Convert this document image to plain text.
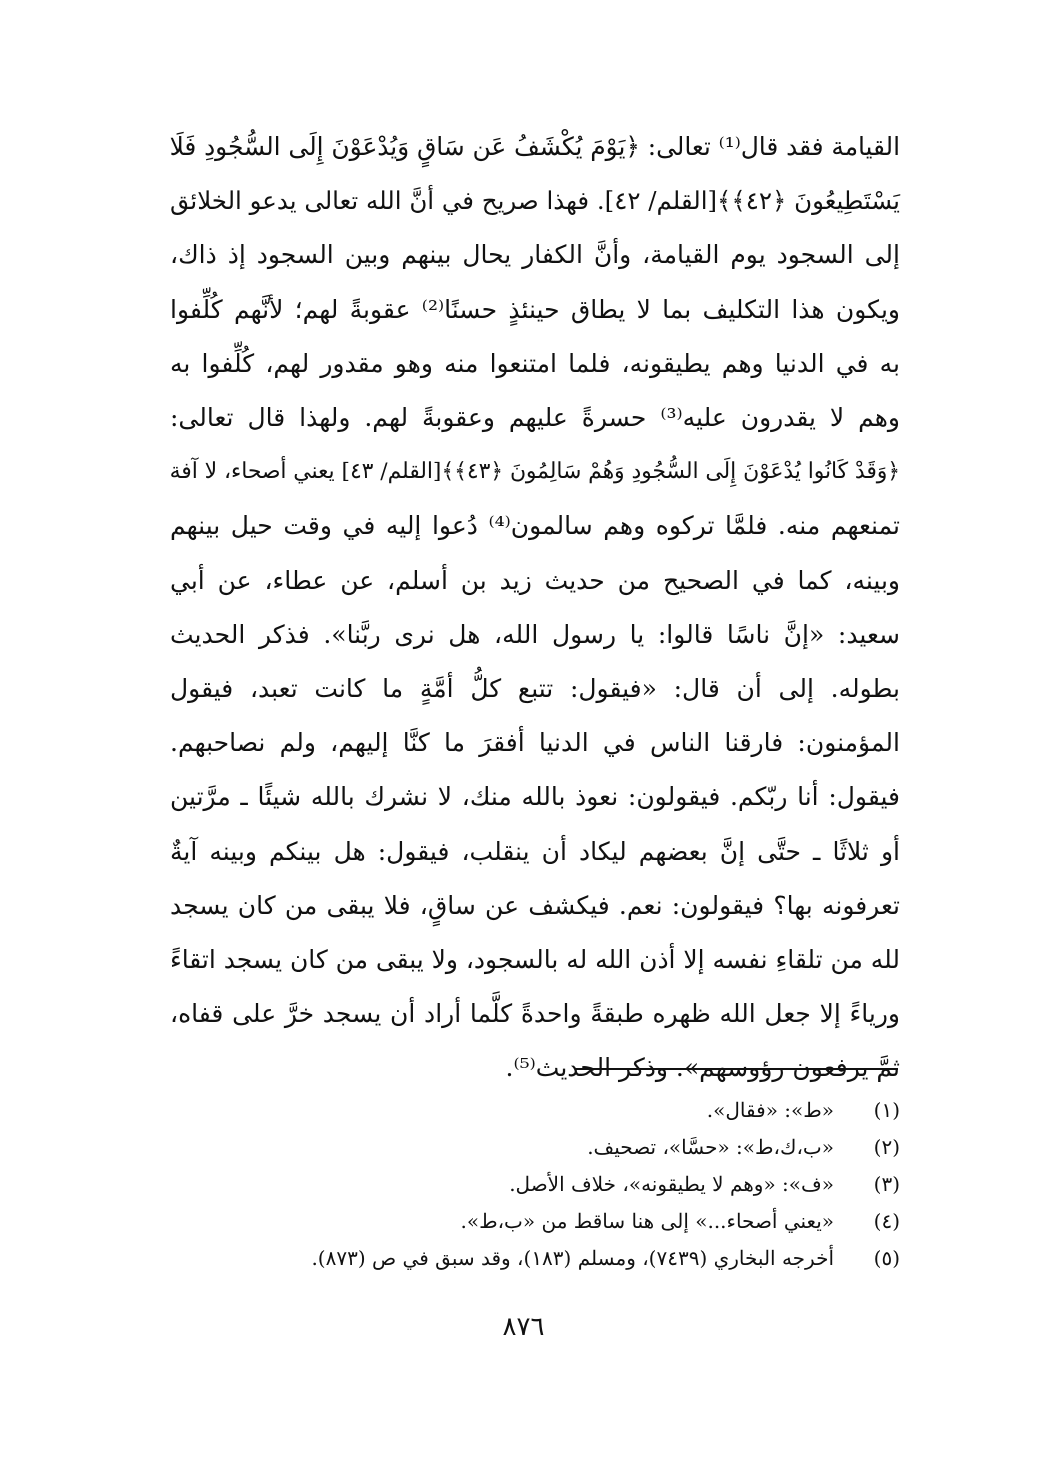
القيامة فقد قال⁽¹⁾ تعالى: ﴿يَوْمَ يُكْشَفُ عَن سَاقٍ وَيُدْعَوْنَ إِلَى السُّجُودِ فَلَا
يَسْتَطِيعُونَ ﴿٤٢﴾﴾[القلم/ ٤٢]. فهذا صريح في أنَّ الله تعالى يدعو الخلائق
إلى السجود يوم القيامة، وأنَّ الكفار يحال بينهم وبين السجود إذ ذاك،
ويكون هذا التكليف بما لا يطاق حينئذٍ حسنًا⁽²⁾ عقوبةً لهم؛ لأنَّهم كُلِّفوا
به في الدنيا وهم يطيقونه، فلما امتنعوا منه وهو مقدور لهم، كُلِّفوا به
وهم لا يقدرون عليه⁽³⁾ حسرةً عليهم وعقوبةً لهم. ولهذا قال تعالى:
﴿وَقَدْ كَانُوا يُدْعَوْنَ إِلَى السُّجُودِ وَهُمْ سَالِمُونَ ﴿٤٣﴾﴾[القلم/ ٤٣] يعني أصحاء، لا آفة
تمنعهم منه. فلمَّا تركوه وهم سالمون⁽⁴⁾ دُعوا إليه في وقت حيل بينهم
وبينه، كما في الصحيح من حديث زيد بن أسلم، عن عطاء، عن أبي
سعيد: «إنَّ ناسًا قالوا: يا رسول الله، هل نرى ربَّنا». فذكر الحديث
بطوله. إلى أن قال: «فيقول: تتبع كلُّ أمَّةٍ ما كانت تعبد، فيقول
المؤمنون: فارقنا الناس في الدنيا أفقرَ ما كنَّا إليهم، ولم نصاحبهم.
فيقول: أنا ربّكم. فيقولون: نعوذ بالله منك، لا نشرك بالله شيئًا ـ مرَّتين
أو ثلاثًا ـ حتَّى إنَّ بعضهم ليكاد أن ينقلب، فيقول: هل بينكم وبينه آيةٌ
تعرفونه بها؟ فيقولون: نعم. فيكشف عن ساقٍ، فلا يبقى من كان يسجد
لله من تلقاءِ نفسه إلا أذن الله له بالسجود، ولا يبقى من كان يسجد اتقاءً
ورياءً إلا جعل الله ظهره طبقةً واحدةً كلَّما أراد أن يسجد خرَّ على قفاه،
ثمَّ يرفعون رؤوسهم». وذكر الحديث⁽⁵⁾.
(١)
«ط»: «فقال».
(٢)
«ب،ك،ط»: «حسَّا»، تصحيف.
(٣)
«ف»: «وهم لا يطيقونه»، خلاف الأصل.
(٤)
«يعني أصحاء...» إلى هنا ساقط من «ب،ط».
(٥)
أخرجه البخاري (٧٤٣٩)، ومسلم (١٨٣)، وقد سبق في ص (٨٧٣).
٨٧٦
